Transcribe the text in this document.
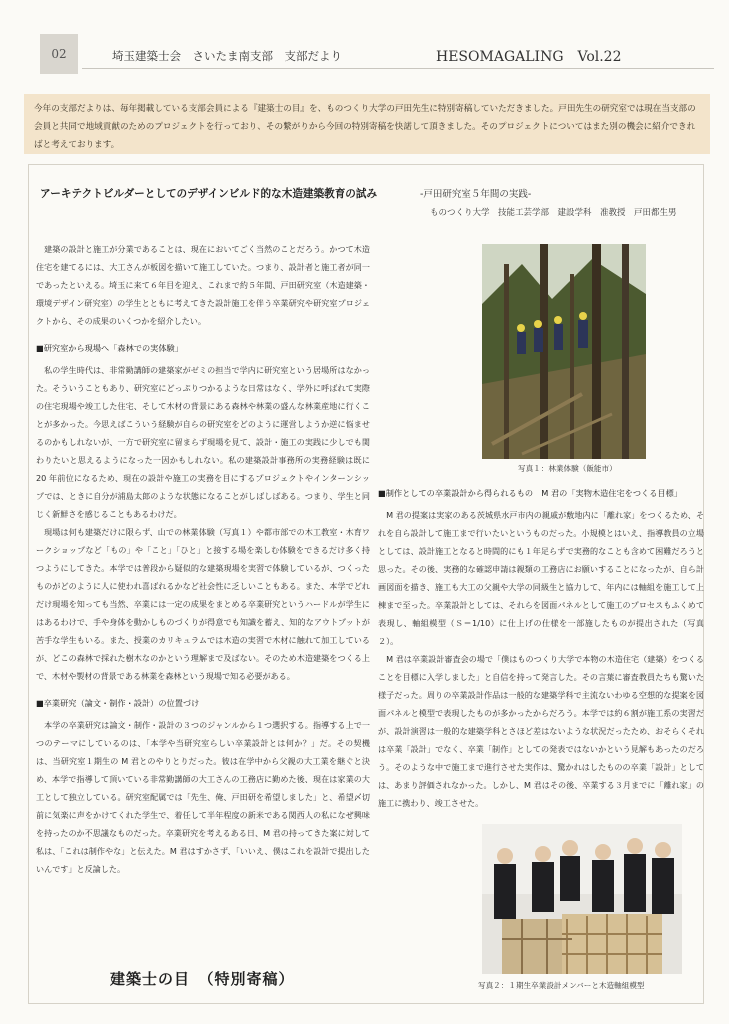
02	埼玉建築士会　さいたま南支部　支部だより	HESOMAGALING　Vol.22
今年の支部だよりは、毎年掲載している支部会員による『建築士の目』を、ものつくり大学の戸田先生に特別寄稿していただきました。戸田先生の研究室では現在当支部の会員と共同で地域貢献のためのプロジェクトを行っており、その繋がりから今回の特別寄稿を快諾して頂きました。そのプロジェクトについてはまた別の機会に紹介できればと考えております。
アーキテクトビルダーとしてのデザインビルド的な木造建築教育の試み	-戸田研究室５年間の実践-
ものつくり大学　技能工芸学部　建設学科　准教授　戸田都生男

建築の設計と施工が分業であることは、現在においてごく当然のことだろう。かつて木造住宅を建てるには、大工さんが板図を描いて施工していた。つまり、設計者と施工者が同一であったといえる。埼玉に来て６年目を迎え、これまで約５年間、戸田研究室（木造建築・環境デザイン研究室）の学生とともに考えてきた設計施工を伴う卒業研究や研究室プロジェクトから、その成果のいくつかを紹介したい。

■研究室から現場へ「森林での実体験」

私の学生時代は、非常勤講師の建築家がゼミの担当で学内に研究室という居場所はなかった。そういうこともあり、研究室にどっぷりつかるような日常はなく、学外に呼ばれて実際の住宅現場や竣工した住宅、そして木材の背景にある森林や林業の盛んな林業産地に行くことが多かった。今思えばこういう経験が自らの研究室をどのように運営しようか逆に悩ませるのかもしれないが、一方で研究室に留まらず現場を見て、設計・施工の実践に少しでも関わりたいと思えるようになった一因かもしれない。私の建築設計事務所の実務経験は既に 20 年前位になるため、現在の設計や施工の実務を目にするプロジェクトやインターンシップでは、ときに自分が浦島太郎のような状態になることがしばしばある。つまり、学生と同じく新鮮さを感じることもあるわけだ。

現場は何も建築だけに限らず、山での林業体験（写真１）や都市部での木工教室・木育ワークショップなど「もの」や「こと」「ひと」と接する場を楽しむ体験をできるだけ多く持つようにしてきた。本学では普段から疑似的な建築現場を実習で体験しているが、つくったものがどのように人に使われ喜ばれるかなど社会性に乏しいこともある。また、本学でどれだけ現場を知っても当然、卒業には一定の成果をまとめる卒業研究というハードルが学生にはあるわけで、手や身体を動かしものづくりが得意でも知識を蓄え、知的なアウトプットが苦手な学生もいる。また、授業のカリキュラムでは木造の実習で木材に触れて加工しているが、どこの森林で採れた樹木なのかという理解まで及ばない。そのため木造建築をつくる上で、木材や製材の背景である林業を森林という現場で知る必要がある。

■卒業研究（論文・制作・設計）の位置づけ

本学の卒業研究は論文・制作・設計の３つのジャンルから１つ選択する。指導する上で一つのテーマにしているのは、「本学や当研究室らしい卒業設計とは何か？」だ。その契機は、当研究室１期生の M 君とのやりとりだった。彼は在学中から父親の大工業を継ぐと決め、本学で指導して頂いている非常勤講師の大工さんの工務店に勤めた後、現在は家業の大工として独立している。研究室配属では「先生、俺、戸田研を希望しました」と、希望〆切前に気楽に声をかけてくれた学生で、着任して半年程度の新米である関西人の私になぜ興味を持ったのか不思議なものだった。卒業研究を考えるある日、M 君の持ってきた案に対して私は、「これは制作やな」と伝えた。M 君はすかさず、「いいえ、僕はこれを設計で提出したいんです」と反論した。

写真１：林業体験（飯能市）
■制作としての卒業設計から得られるもの　M 君の「実物木造住宅をつくる目標」

M 君の提案は実家のある茨城県水戸市内の親戚が敷地内に「離れ家」をつくるため、それを自ら設計して施工まで行いたいというものだった。小規模とはいえ、指導教員の立場としては、設計施工となると時間的にも１年足らずで実務的なことも含めて困難だろうと思った。その後、実務的な確認申請は親類の工務店にお願いすることになったが、自ら計画図面を描き、施工も大工の父親や大学の同級生と協力して、年内には軸組を施工して上棟まで至った。卒業設計としては、それらを図面パネルとして施工のプロセスもふくめて表現し、軸組模型（Ｓ＝1/10）に仕上げの仕様を一部施したものが提出された（写真２）。

M 君は卒業設計審査会の場で「僕はものつくり大学で本物の木造住宅（建築）をつくることを目標に入学しました」と自信を持って発言した。その言葉に審査教員たちも驚いた様子だった。周りの卒業設計作品は一般的な建築学科で主流ないわゆる空想的な提案を図面パネルと模型で表現したものが多かったからだろう。本学では約６割が施工系の実習だが、設計演習は一般的な建築学科とさほど差はないような状況だったため、おそらくそれは卒業「設計」でなく、卒業「制作」としての発表ではないかという見解もあったのだろう。そのような中で施工まで進行させた実作は、驚かれはしたものの卒業「設計」としては、あまり評価されなかった。しかし、M 君はその後、卒業する３月までに「離れ家」の施工に携わり、竣工させた。

写真２：１期生卒業設計メンバーと木造軸組模型
建築士の目　（特別寄稿）
